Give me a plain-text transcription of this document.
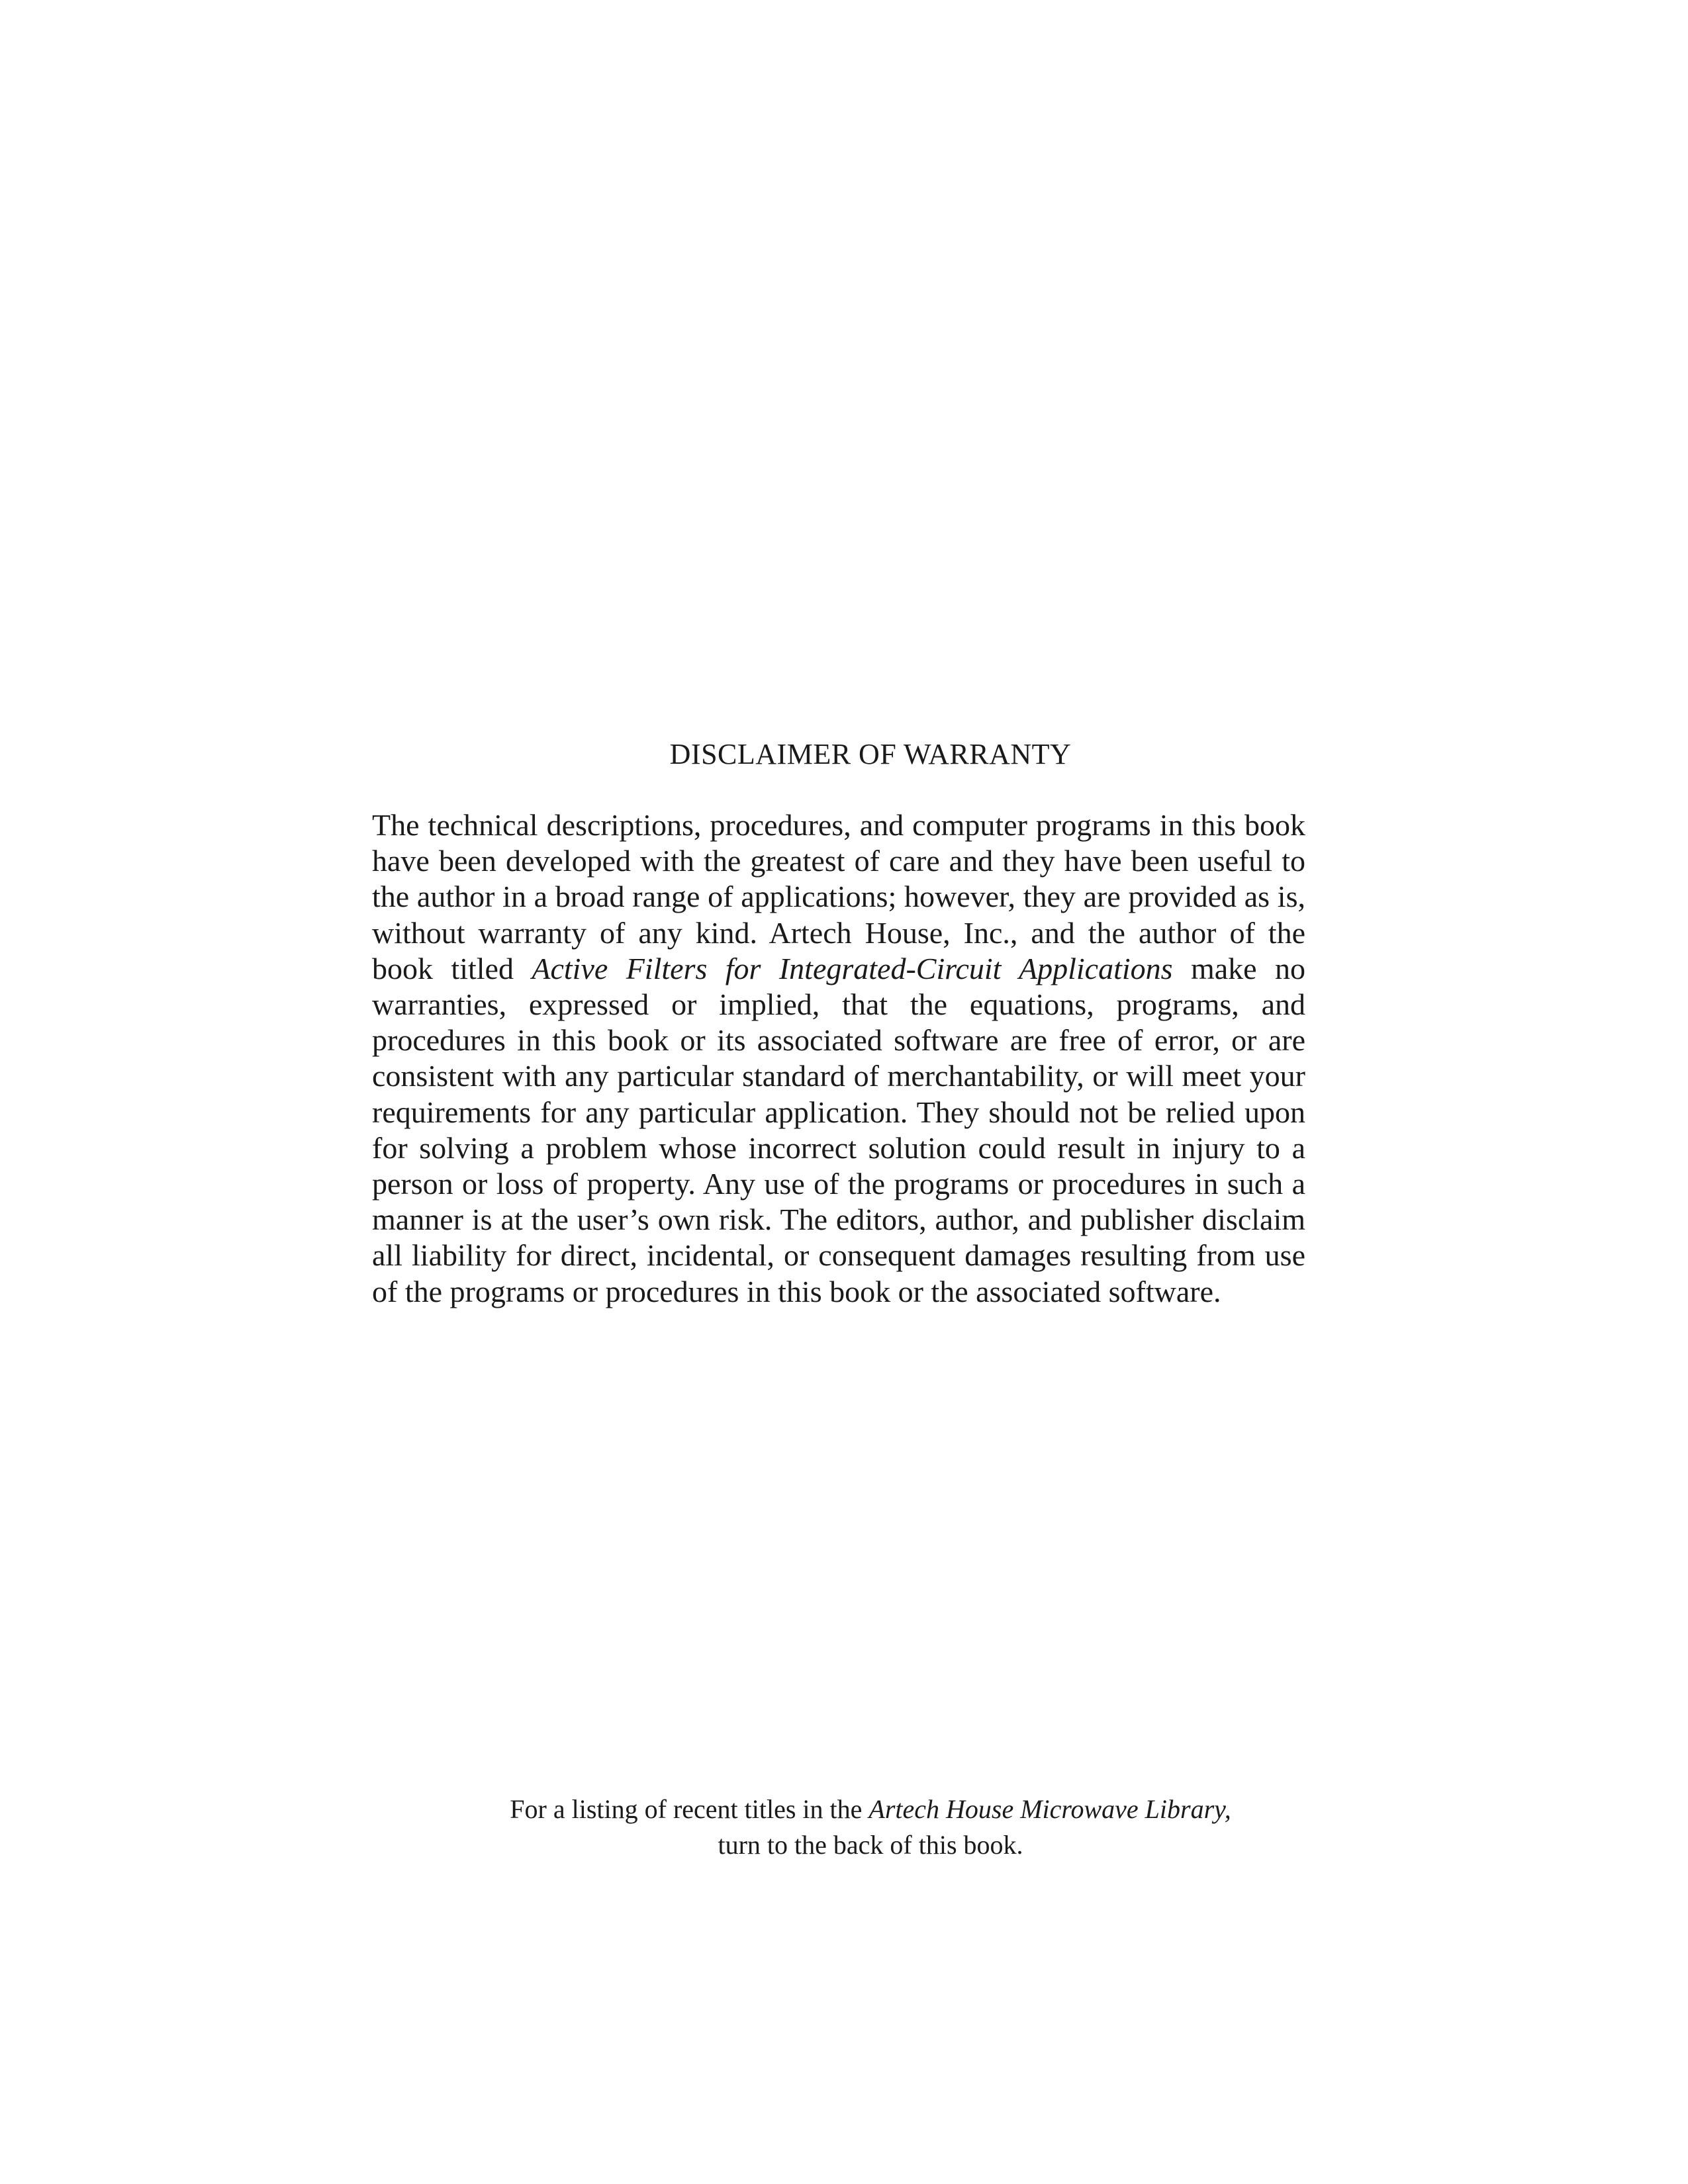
DISCLAIMER OF WARRANTY

The technical descriptions, procedures, and computer programs in this book have been developed with the greatest of care and they have been useful to the author in a broad range of applications; however, they are provided as is, without warranty of any kind. Artech House, Inc., and the author of the book titled Active Filters for Integrated-Circuit Applications make no warranties, expressed or implied, that the equations, programs, and procedures in this book or its associated software are free of error, or are consistent with any particular standard of merchantability, or will meet your requirements for any particular application. They should not be relied upon for solving a problem whose incorrect solution could result in injury to a person or loss of property. Any use of the programs or procedures in such a manner is at the user’s own risk. The editors, author, and publisher disclaim all liability for direct, incidental, or consequent damages resulting from use of the programs or procedures in this book or the associated software.

For a listing of recent titles in the Artech House Microwave Library,
turn to the back of this book.
